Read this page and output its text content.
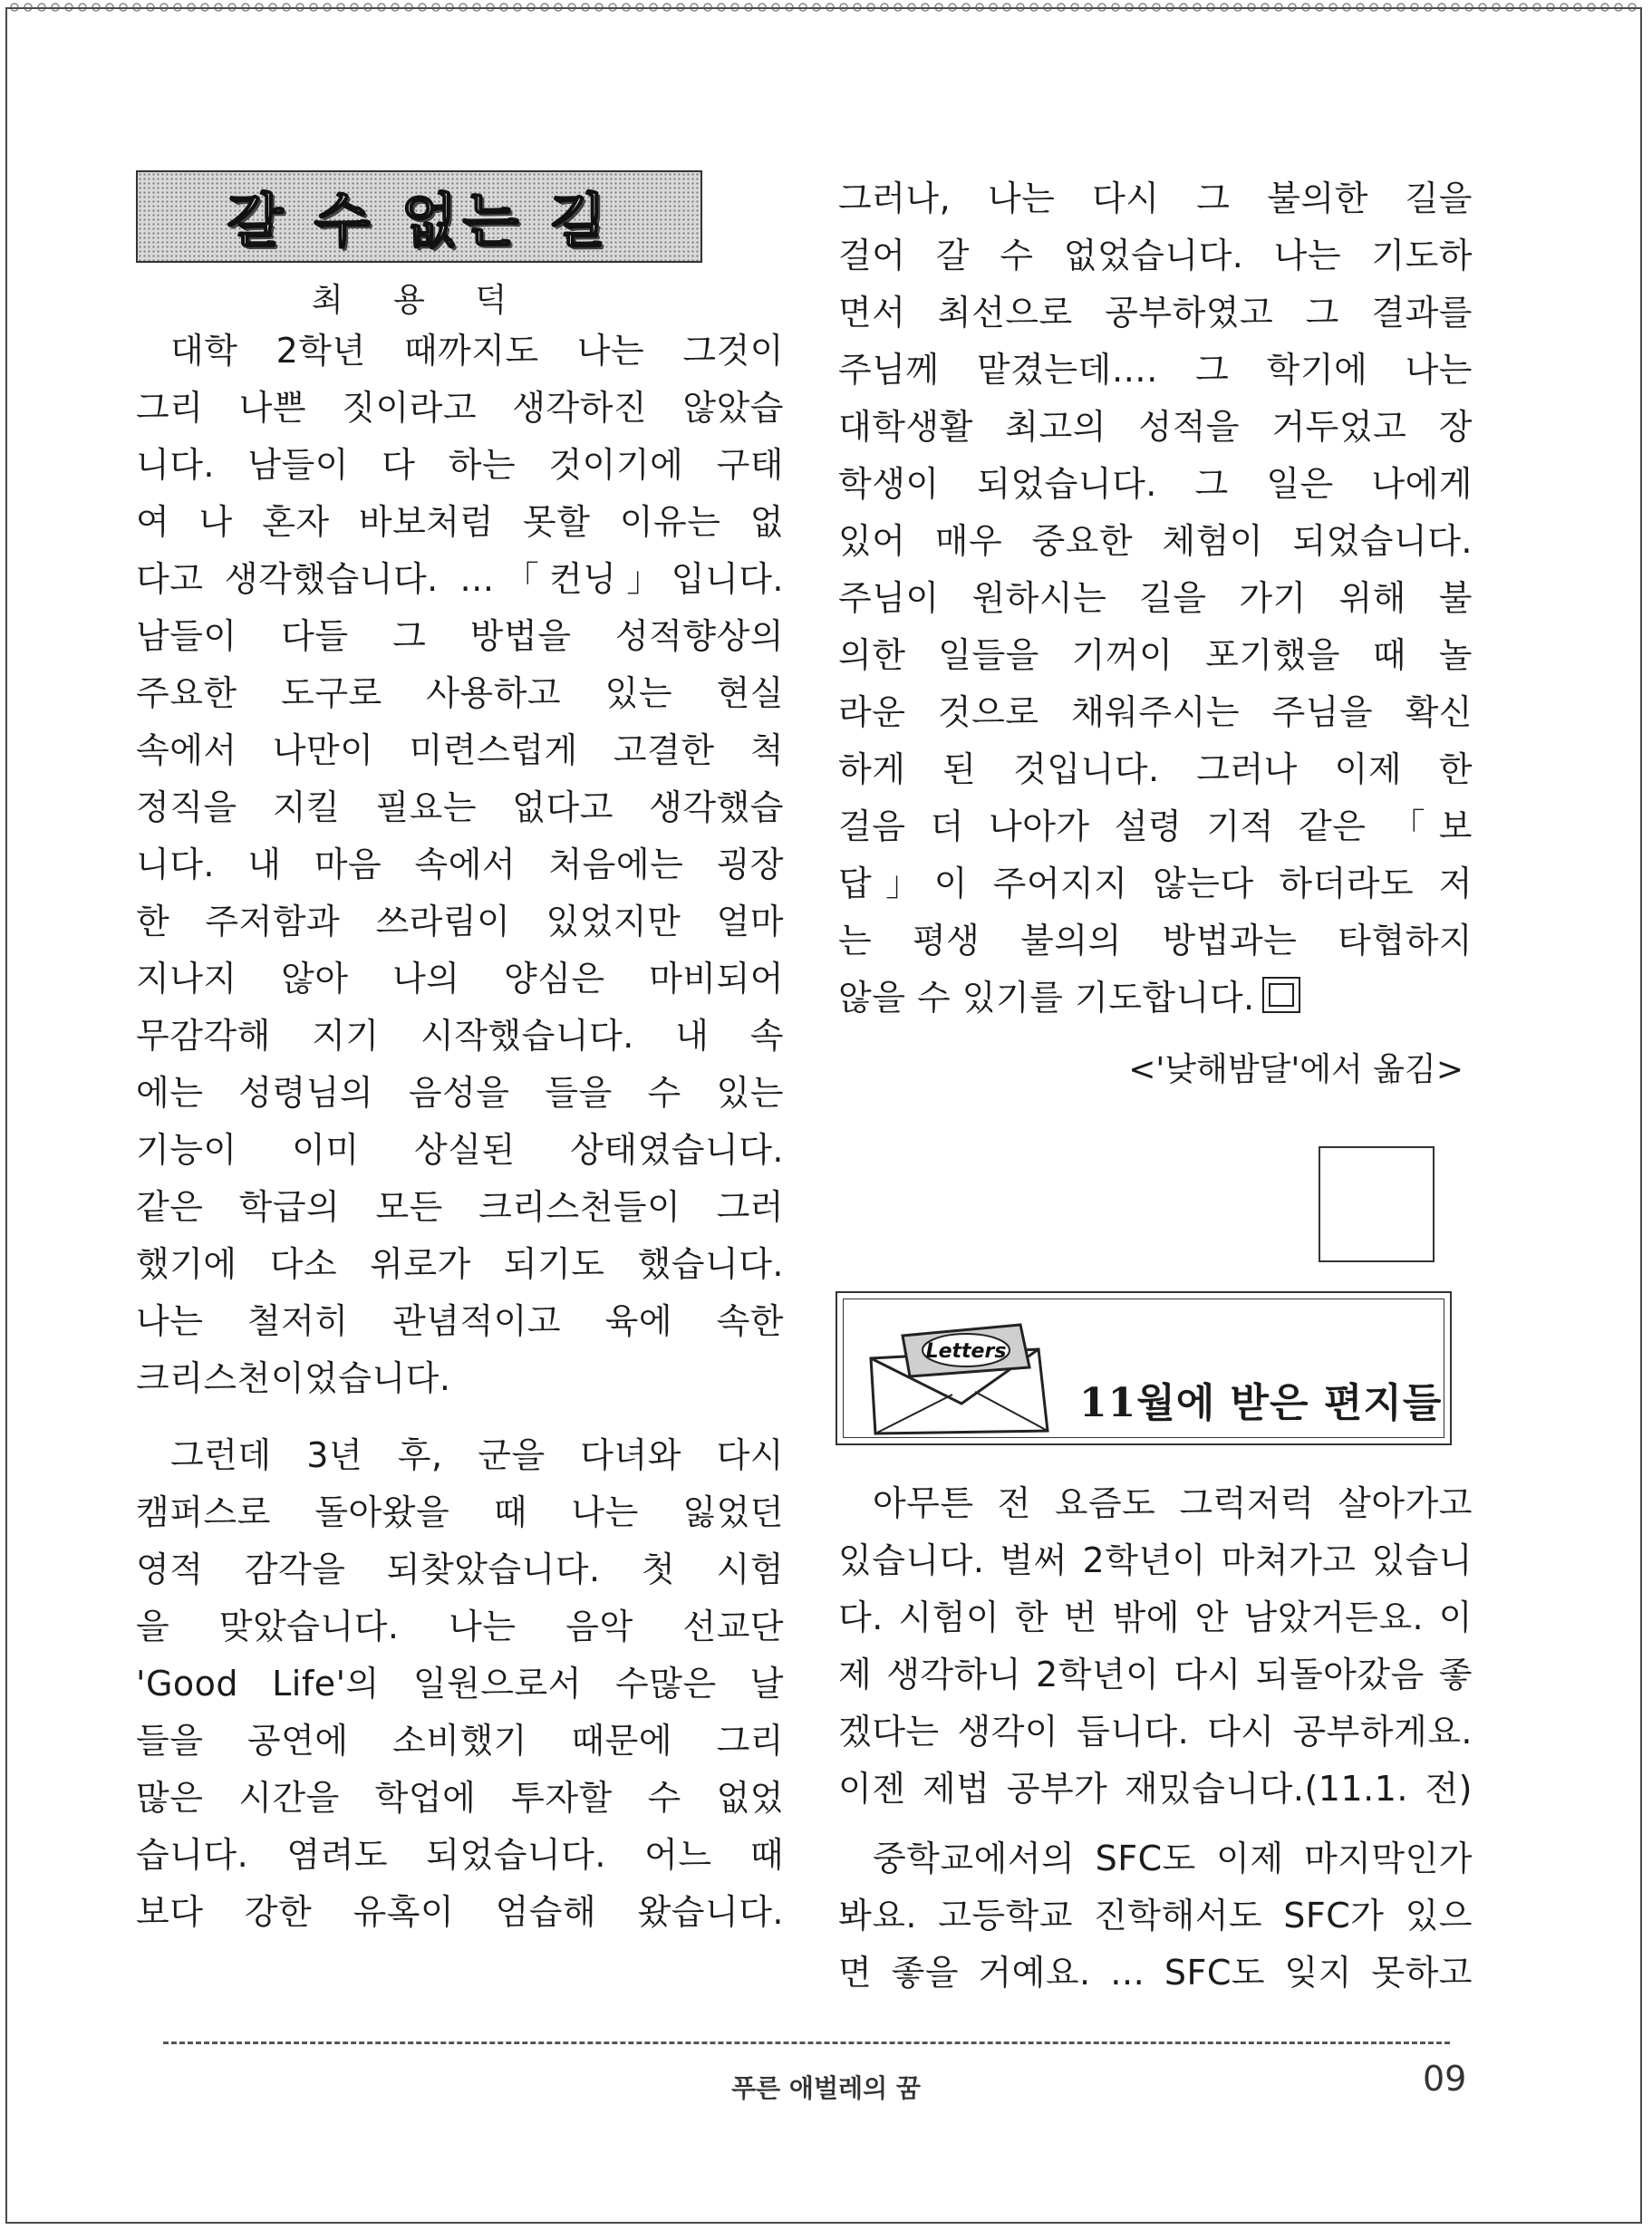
갈 수 없는 길
최 용 덕
대학 2학년 때까지도 나는 그것이
그리 나쁜 짓이라고 생각하진 않았습
니다. 남들이 다 하는 것이기에 구태
여 나 혼자 바보처럼 못할 이유는 없
다고 생각했습니다. …「컨닝」입니다.
남들이 다들 그 방법을 성적향상의
주요한 도구로 사용하고 있는 현실
속에서 나만이 미련스럽게 고결한 척
정직을 지킬 필요는 없다고 생각했습
니다. 내 마음 속에서 처음에는 굉장
한 주저함과 쓰라림이 있었지만 얼마
지나지 않아 나의 양심은 마비되어
무감각해 지기 시작했습니다. 내 속
에는 성령님의 음성을 들을 수 있는
기능이 이미 상실된 상태였습니다.
같은 학급의 모든 크리스천들이 그러
했기에 다소 위로가 되기도 했습니다.
나는 철저히 관념적이고 육에 속한
크리스천이었습니다.
그런데 3년 후, 군을 다녀와 다시
캠퍼스로 돌아왔을 때 나는 잃었던
영적 감각을 되찾았습니다. 첫 시험
을 맞았습니다. 나는 음악 선교단
'Good Life'의 일원으로서 수많은 날
들을 공연에 소비했기 때문에 그리
많은 시간을 학업에 투자할 수 없었
습니다. 염려도 되었습니다. 어느 때
보다 강한 유혹이 엄습해 왔습니다.
그러나, 나는 다시 그 불의한 길을
걸어 갈 수 없었습니다. 나는 기도하
면서 최선으로 공부하였고 그 결과를
주님께 맡겼는데…. 그 학기에 나는
대학생활 최고의 성적을 거두었고 장
학생이 되었습니다. 그 일은 나에게
있어 매우 중요한 체험이 되었습니다.
주님이 원하시는 길을 가기 위해 불
의한 일들을 기꺼이 포기했을 때 놀
라운 것으로 채워주시는 주님을 확신
하게 된 것입니다. 그러나 이제 한
걸음 더 나아가 설령 기적 같은 「보
답」이 주어지지 않는다 하더라도 저
는 평생 불의의 방법과는 타협하지
않을 수 있기를 기도합니다.
<'낮해밤달'에서 옮김>
Letters
11월에 받은 편지들
아무튼 전 요즘도 그럭저럭 살아가고
있습니다. 벌써 2학년이 마쳐가고 있습니
다. 시험이 한 번 밖에 안 남았거든요. 이
제 생각하니 2학년이 다시 되돌아갔음 좋
겠다는 생각이 듭니다. 다시 공부하게요.
이젠 제법 공부가 재밌습니다.(11.1. 전)
중학교에서의 SFC도 이제 마지막인가
봐요. 고등학교 진학해서도 SFC가 있으
면 좋을 거예요. … SFC도 잊지 못하고
푸른 애벌레의 꿈	09
